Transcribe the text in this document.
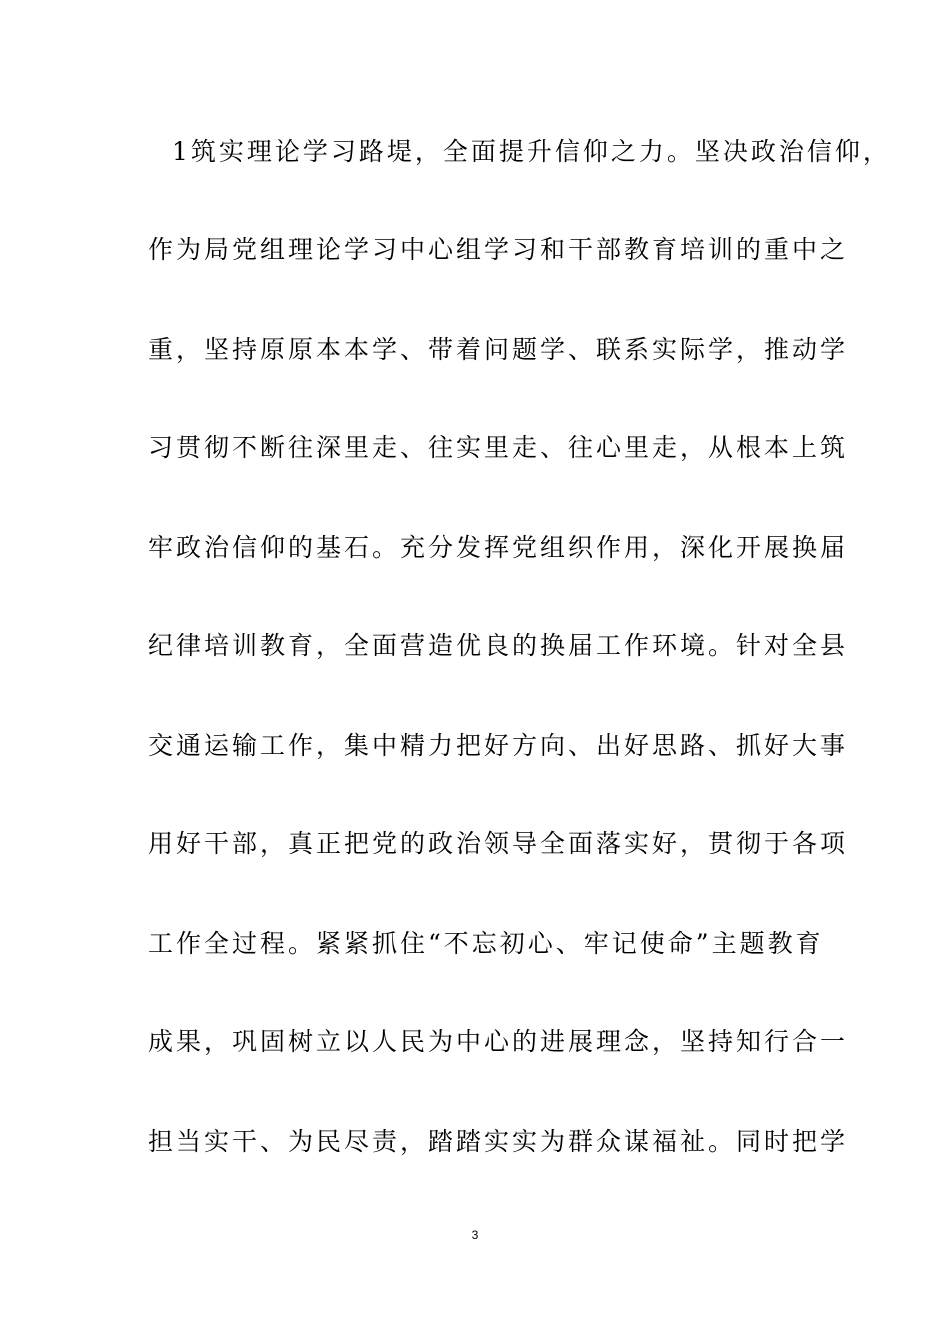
1筑实理论学习路堤，全面提升信仰之力。坚决政治信仰，
作为局党组理论学习中心组学习和干部教育培训的重中之
重，坚持原原本本学、带着问题学、联系实际学，推动学
习贯彻不断往深里走、往实里走、往心里走，从根本上筑
牢政治信仰的基石。充分发挥党组织作用，深化开展换届
纪律培训教育，全面营造优良的换届工作环境。针对全县
交通运输工作，集中精力把好方向、出好思路、抓好大事
用好干部，真正把党的政治领导全面落实好，贯彻于各项
工作全过程。紧紧抓住“不忘初心、牢记使命”主题教育
成果，巩固树立以人民为中心的进展理念，坚持知行合一
担当实干、为民尽责，踏踏实实为群众谋福祉。同时把学
3
